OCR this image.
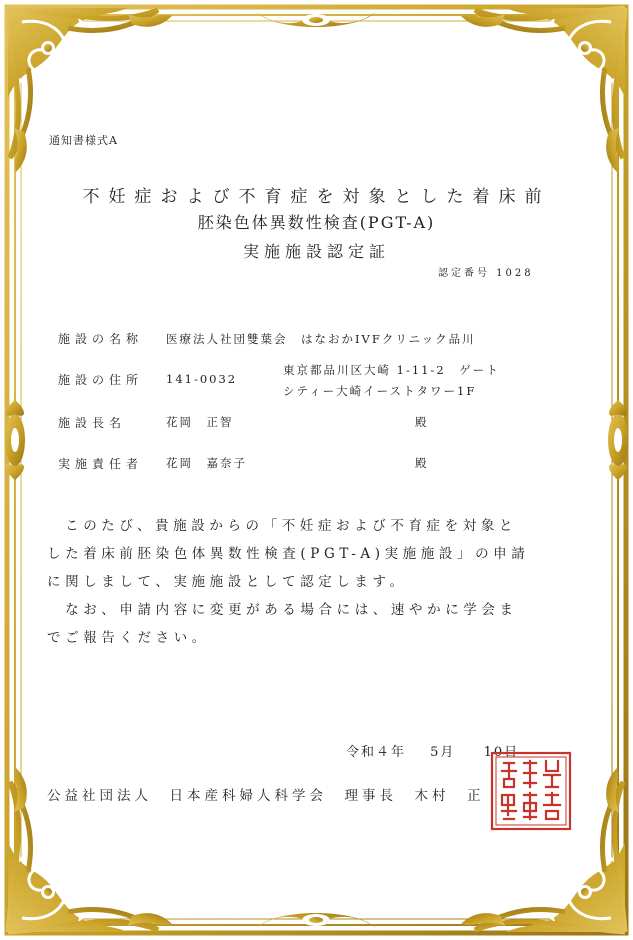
通知書様式A
不妊症および不育症を対象とした着床前
胚染色体異数性検査(PGT-A)
実施施設認定証
認定番号 1028
施設の名称 医療法人社団雙葉会　はなおかIVFクリニック品川
施設の住所 141-0032
東京都品川区大崎 1-11-2　ゲート
シティー大崎イーストタワー1F
施設長名	花岡　正智	殿
実施責任者 花岡　嘉奈子	殿

　このたび、貴施設からの「不妊症および不育症を対象と

した着床前胚染色体異数性検査(PGT-A)実施施設」の申請

に関しまして、実施施設として認定します。

　なお、申請内容に変更がある場合には、速やかに学会ま

でご報告ください。

令和４年 5月 10日
公益社団法人　日本産科婦人科学会　理事長　木村　正
